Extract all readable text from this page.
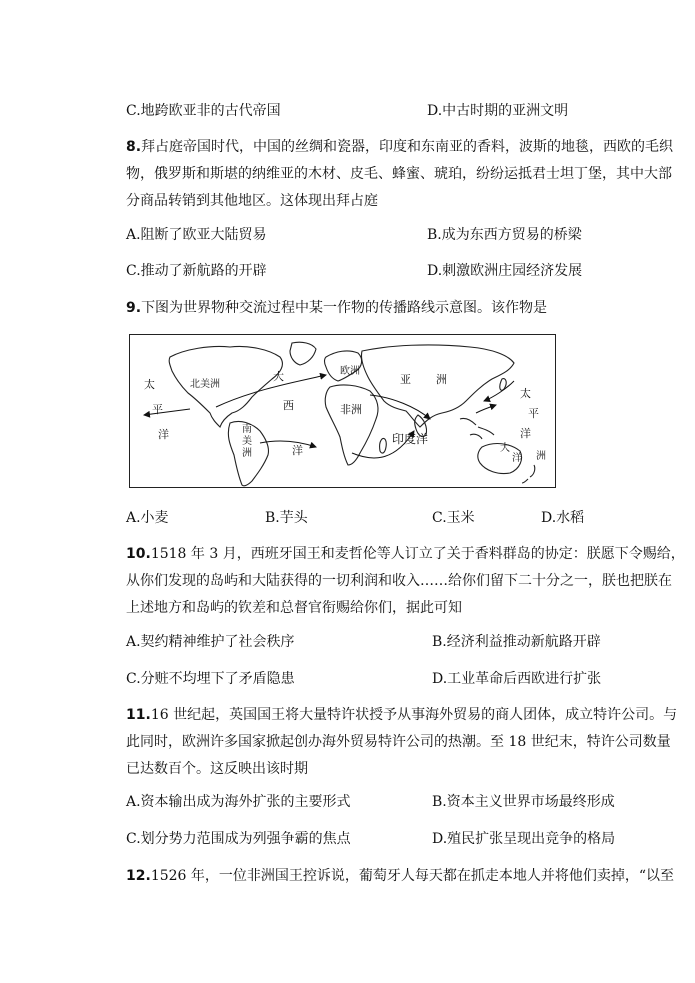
C.地跨欧亚非的古代帝国	D.中古时期的亚洲文明
8.拜占庭帝国时代，中国的丝绸和瓷器，印度和东南亚的香料，波斯的地毯，西欧的毛织
物，俄罗斯和斯堪的纳维亚的木材、皮毛、蜂蜜、琥珀，纷纷运抵君士坦丁堡，其中大部
分商品转销到其他地区。这体现出拜占庭
A.阻断了欧亚大陆贸易	B.成为东西方贸易的桥梁
C.推动了新航路的开辟	D.刺激欧洲庄园经济发展
9.下图为世界物种交流过程中某一作物的传播路线示意图。该作物是
太
平
洋
北美洲
大
西
洋
欧洲
亚 洲
非洲
南
美
洲
印度洋
太
平
洋
大
洋 洲
A.小麦	B.芋头	C.玉米	D.水稻
10.1518 年 3 月，西班牙国王和麦哲伦等人订立了关于香料群岛的协定：朕愿下令赐给，
从你们发现的岛屿和大陆获得的一切利润和收入……给你们留下二十分之一，朕也把朕在
上述地方和岛屿的钦差和总督官衔赐给你们，据此可知
A.契约精神维护了社会秩序	B.经济利益推动新航路开辟
C.分赃不均埋下了矛盾隐患	D.工业革命后西欧进行扩张
11.16 世纪起，英国国王将大量特许状授予从事海外贸易的商人团体，成立特许公司。与
此同时，欧洲许多国家掀起创办海外贸易特许公司的热潮。至 18 世纪末，特许公司数量
已达数百个。这反映出该时期
A.资本输出成为海外扩张的主要形式	B.资本主义世界市场最终形成
C.划分势力范围成为列强争霸的焦点	D.殖民扩张呈现出竞争的格局
12.1526 年，一位非洲国王控诉说，葡萄牙人每天都在抓走本地人并将他们卖掉，“以至
